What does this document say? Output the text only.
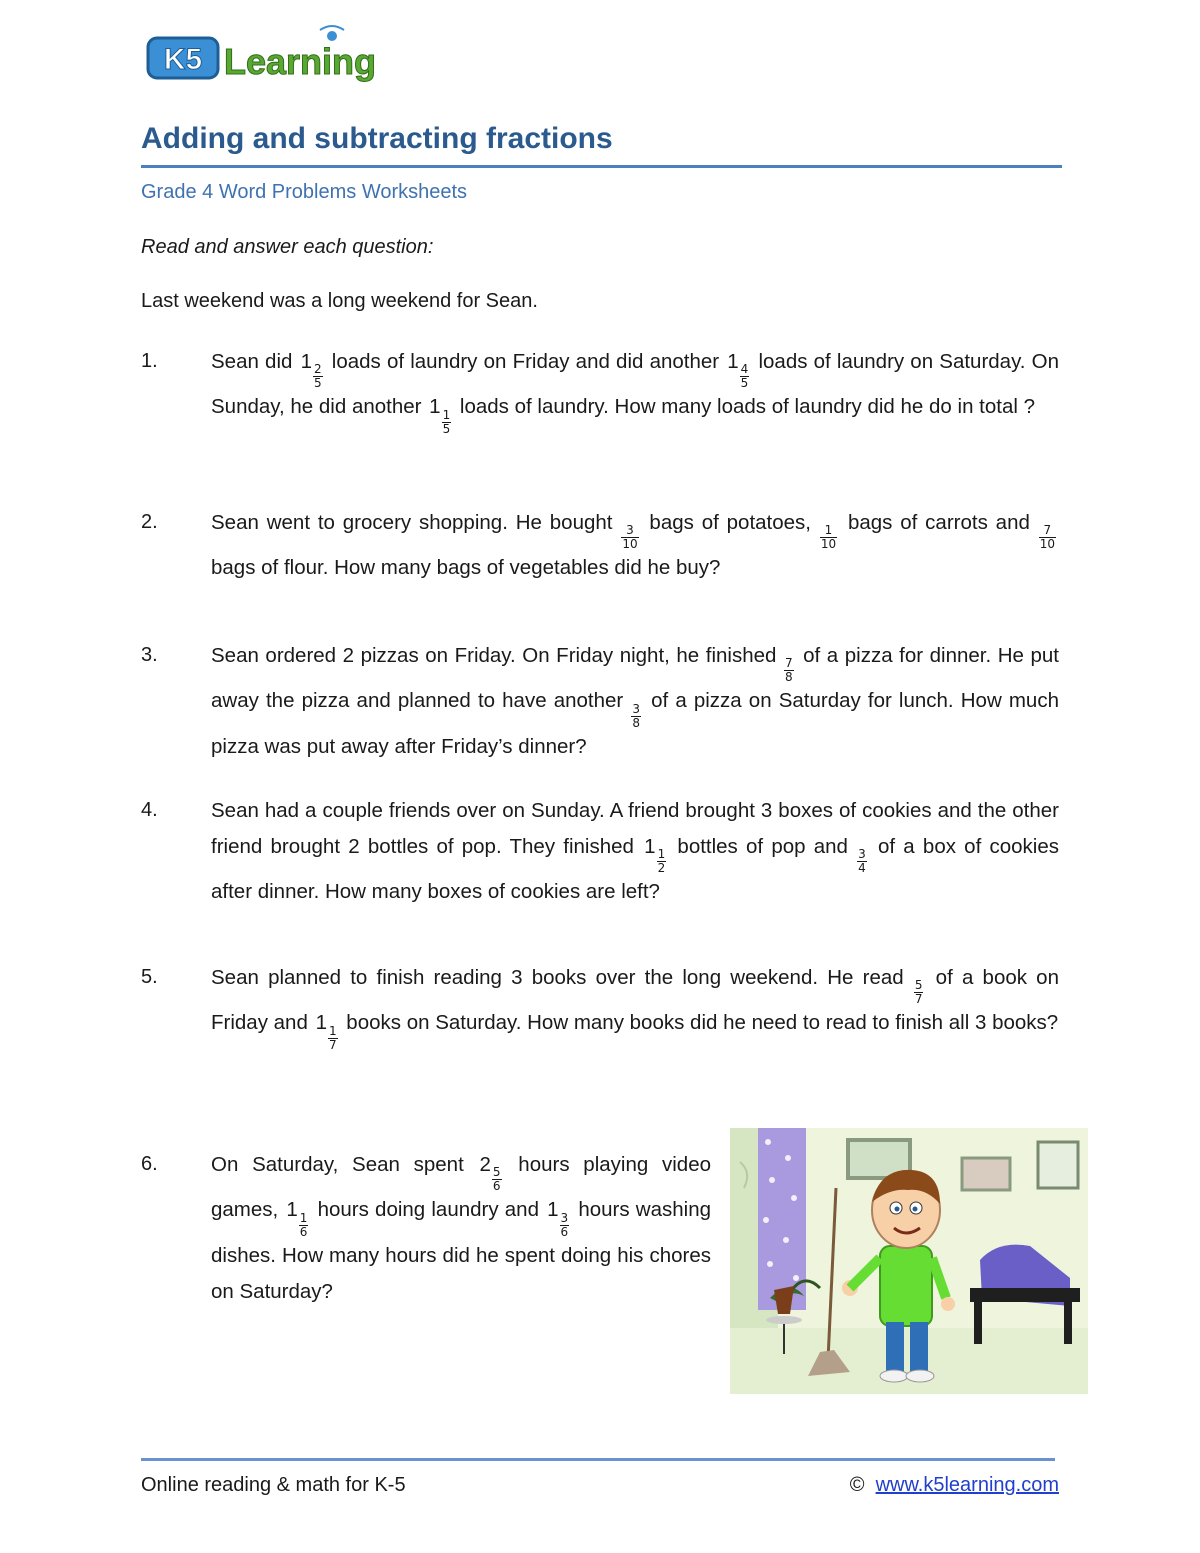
K5 Learning
Adding and subtracting fractions
Grade 4 Word Problems Worksheets
Read and answer each question:
Last weekend was a long weekend for Sean.
1.	Sean did 1
$\frac{2}{5}$
loads of laundry on Friday and did another 1
$\frac{4}{5}$
loads of laundry on Saturday. On Sunday, he did another 1
$\frac{1}{5}$
loads of laundry. How many loads of laundry did he do in total ?
2.	Sean went to grocery shopping. He bought
$\frac{3}{10}$
bags of potatoes,
$\frac{1}{10}$
bags of carrots and
$\frac{7}{10}$
bags of flour. How many bags of vegetables did he buy?
3.	Sean ordered 2 pizzas on Friday. On Friday night, he finished
$\frac{7}{8}$
of a pizza for dinner. He put away the pizza and planned to have another
$\frac{3}{8}$
of a pizza on Saturday for lunch. How much pizza was put away after Friday’s dinner?
4.	Sean had a couple friends over on Sunday. A friend brought 3 boxes of cookies and the other friend brought 2 bottles of pop. They finished 1
$\frac{1}{2}$
bottles of pop and
$\frac{3}{4}$
of a box of cookies after dinner. How many boxes of cookies are left?
5.	Sean planned to finish reading 3 books over the long weekend. He read
$\frac{5}{7}$
of a book on Friday and 1
$\frac{1}{7}$
books on Saturday. How many books did he need to read to finish all 3 books?
6.	On Saturday, Sean spent 2
$\frac{5}{6}$
hours playing video games, 1
$\frac{1}{6}$
hours doing laundry and 1
$\frac{3}{6}$
hours washing dishes. How many hours did he spent doing his chores on Saturday?
Online reading & math for K-5	© www.k5learning.com
